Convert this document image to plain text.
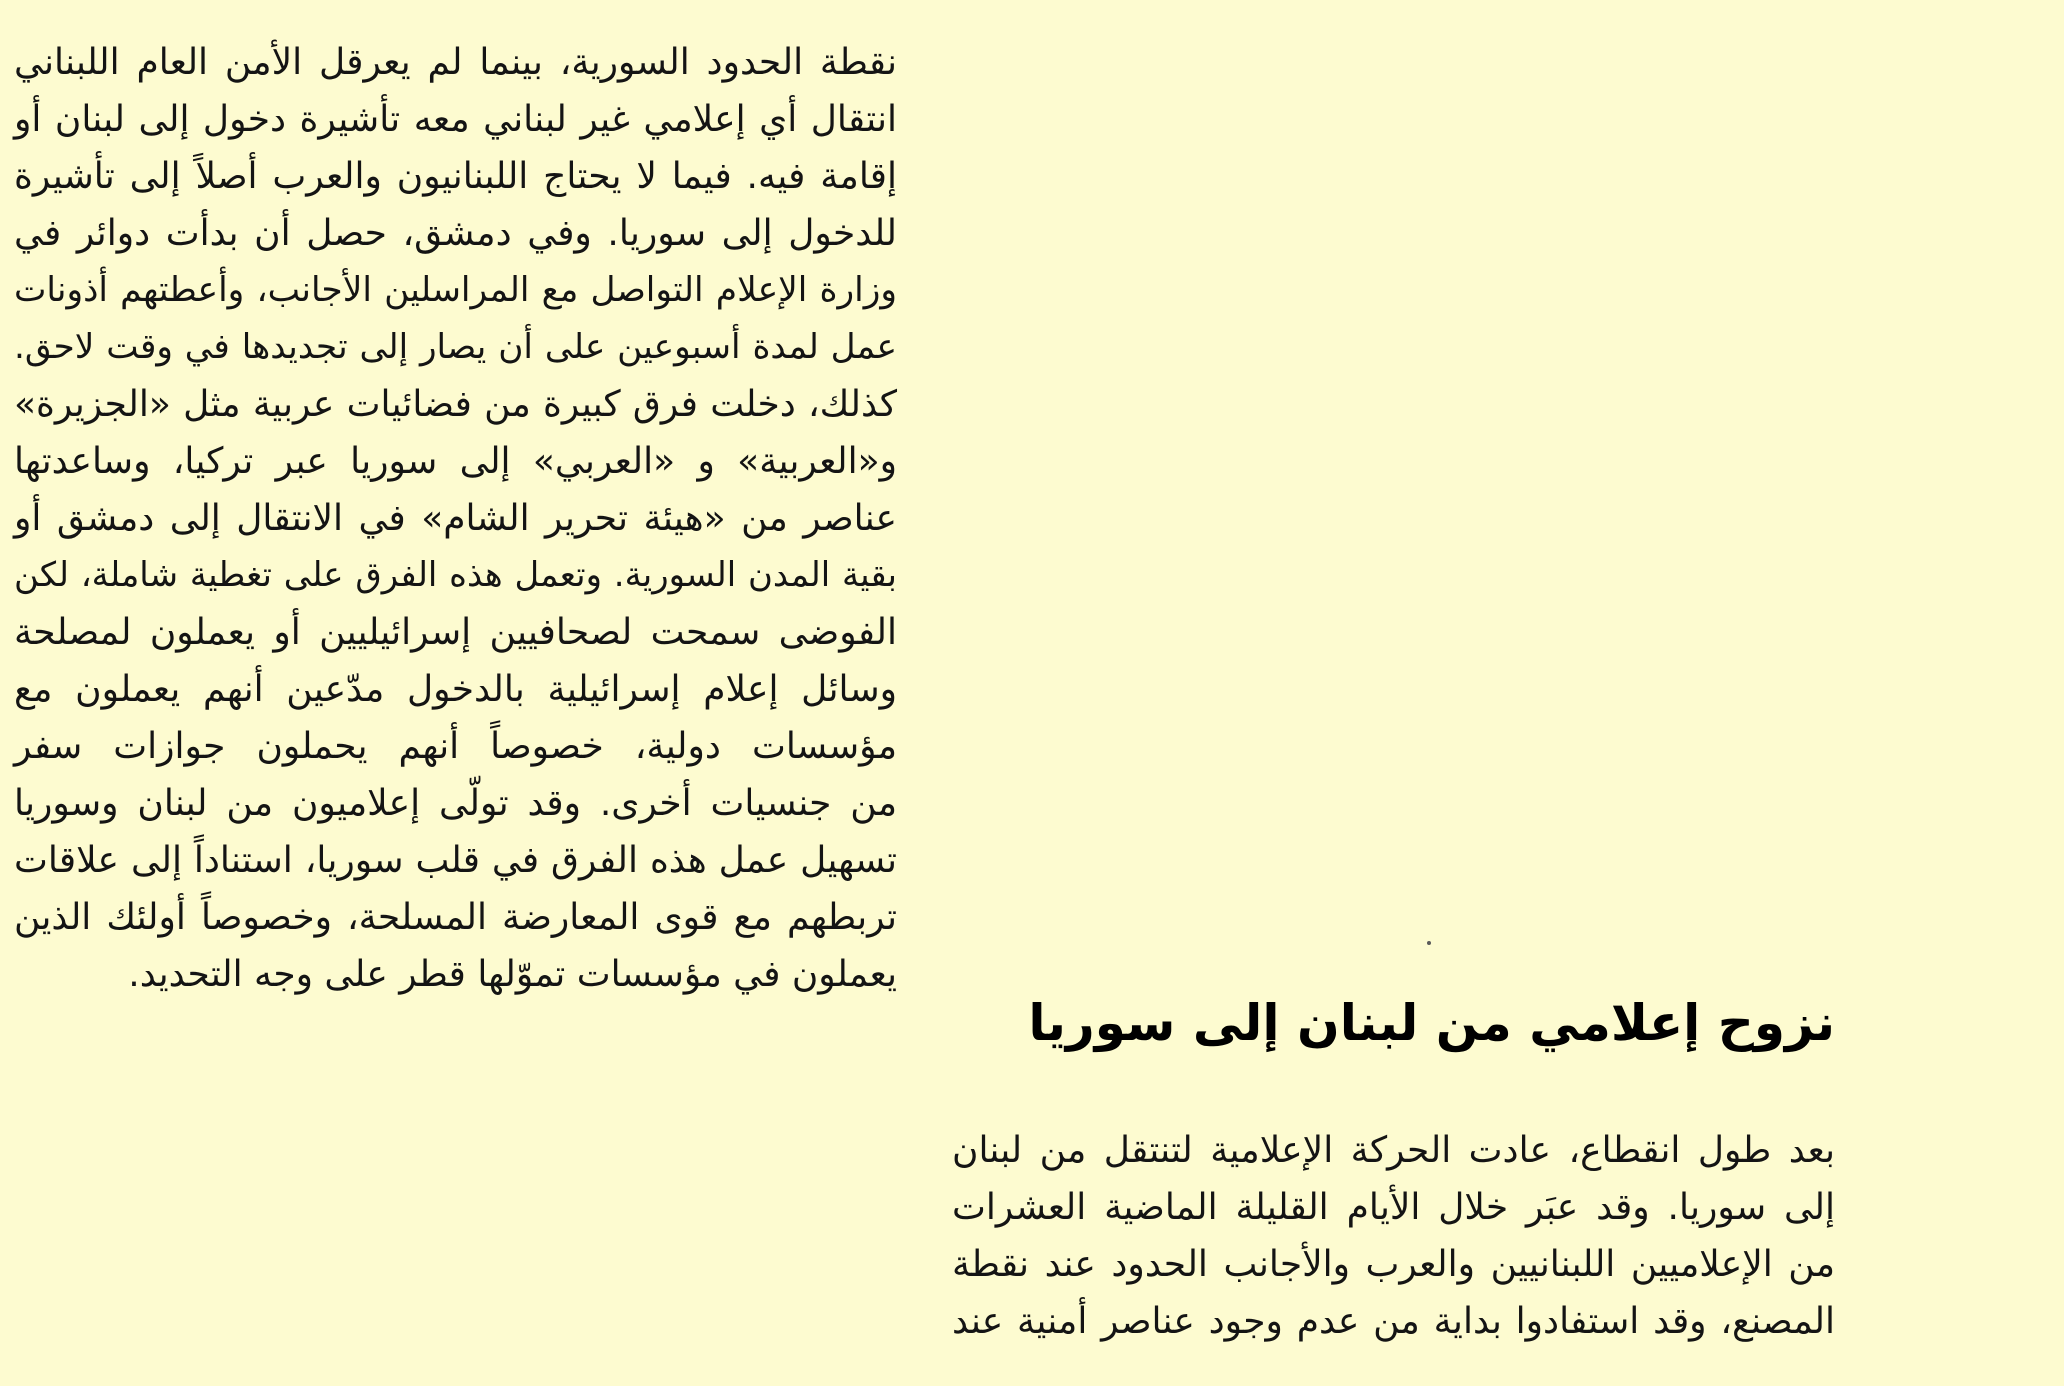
نقطة الحدود السورية، بينما لم يعرقل الأمن العام اللبناني
انتقال أي إعلامي غير لبناني معه تأشيرة دخول إلى لبنان أو
إقامة فيه. فيما لا يحتاج اللبنانيون والعرب أصلاً إلى تأشيرة
للدخول إلى سوريا. وفي دمشق، حصل أن بدأت دوائر في
وزارة الإعلام التواصل مع المراسلين الأجانب، وأعطتهم أذونات
عمل لمدة أسبوعين على أن يصار إلى تجديدها في وقت لاحق.
كذلك، دخلت فرق كبيرة من فضائيات عربية مثل «الجزيرة»
و«العربية» و «العربي» إلى سوريا عبر تركيا، وساعدتها
عناصر من «هيئة تحرير الشام» في الانتقال إلى دمشق أو
بقية المدن السورية. وتعمل هذه الفرق على تغطية شاملة، لكن
الفوضى سمحت لصحافيين إسرائيليين أو يعملون لمصلحة
وسائل إعلام إسرائيلية بالدخول مدّعين أنهم يعملون مع
مؤسسات دولية، خصوصاً أنهم يحملون جوازات سفر
من جنسيات أخرى. وقد تولّى إعلاميون من لبنان وسوريا
تسهيل عمل هذه الفرق في قلب سوريا، استناداً إلى علاقات
تربطهم مع قوى المعارضة المسلحة، وخصوصاً أولئك الذين
يعملون في مؤسسات تموّلها قطر على وجه التحديد.
نزوح إعلامي من لبنان إلى سوريا
بعد طول انقطاع، عادت الحركة الإعلامية لتنتقل من لبنان
إلى سوريا. وقد عبَر خلال الأيام القليلة الماضية العشرات
من الإعلاميين اللبنانيين والعرب والأجانب الحدود عند نقطة
المصنع، وقد استفادوا بداية من عدم وجود عناصر أمنية عند
